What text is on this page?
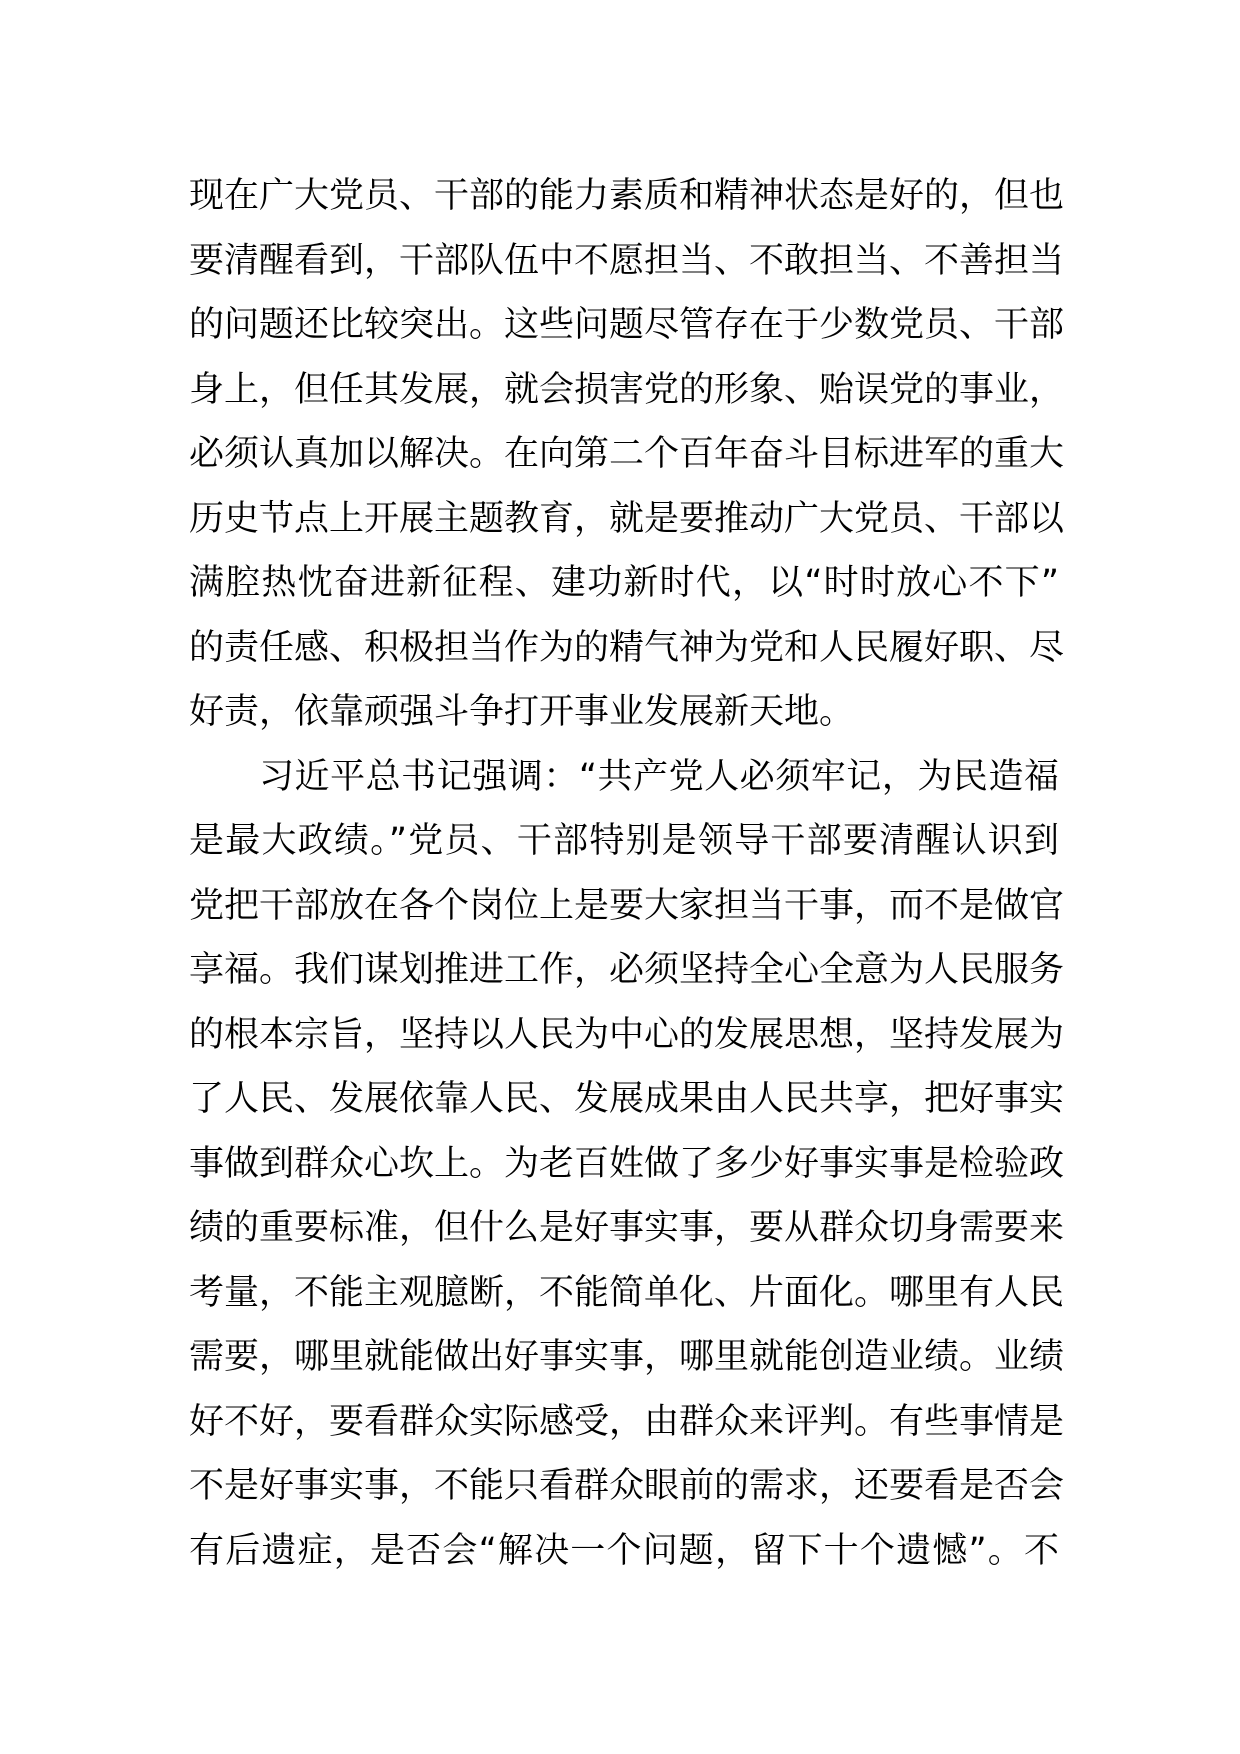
现在广大党员、干部的能力素质和精神状态是好的，但也
要清醒看到，干部队伍中不愿担当、不敢担当、不善担当
的问题还比较突出。这些问题尽管存在于少数党员、干部
身上，但任其发展，就会损害党的形象、贻误党的事业，
必须认真加以解决。在向第二个百年奋斗目标进军的重大
历史节点上开展主题教育，就是要推动广大党员、干部以
满腔热忱奋进新征程、建功新时代，以“时时放心不下”
的责任感、积极担当作为的精气神为党和人民履好职、尽
好责，依靠顽强斗争打开事业发展新天地。
习近平总书记强调：“共产党人必须牢记，为民造福
是最大政绩。”党员、干部特别是领导干部要清醒认识到
党把干部放在各个岗位上是要大家担当干事，而不是做官
享福。我们谋划推进工作，必须坚持全心全意为人民服务
的根本宗旨，坚持以人民为中心的发展思想，坚持发展为
了人民、发展依靠人民、发展成果由人民共享，把好事实
事做到群众心坎上。为老百姓做了多少好事实事是检验政
绩的重要标准，但什么是好事实事，要从群众切身需要来
考量，不能主观臆断，不能简单化、片面化。哪里有人民
需要，哪里就能做出好事实事，哪里就能创造业绩。业绩
好不好，要看群众实际感受，由群众来评判。有些事情是
不是好事实事，不能只看群众眼前的需求，还要看是否会
有后遗症，是否会“解决一个问题，留下十个遗憾”。不
